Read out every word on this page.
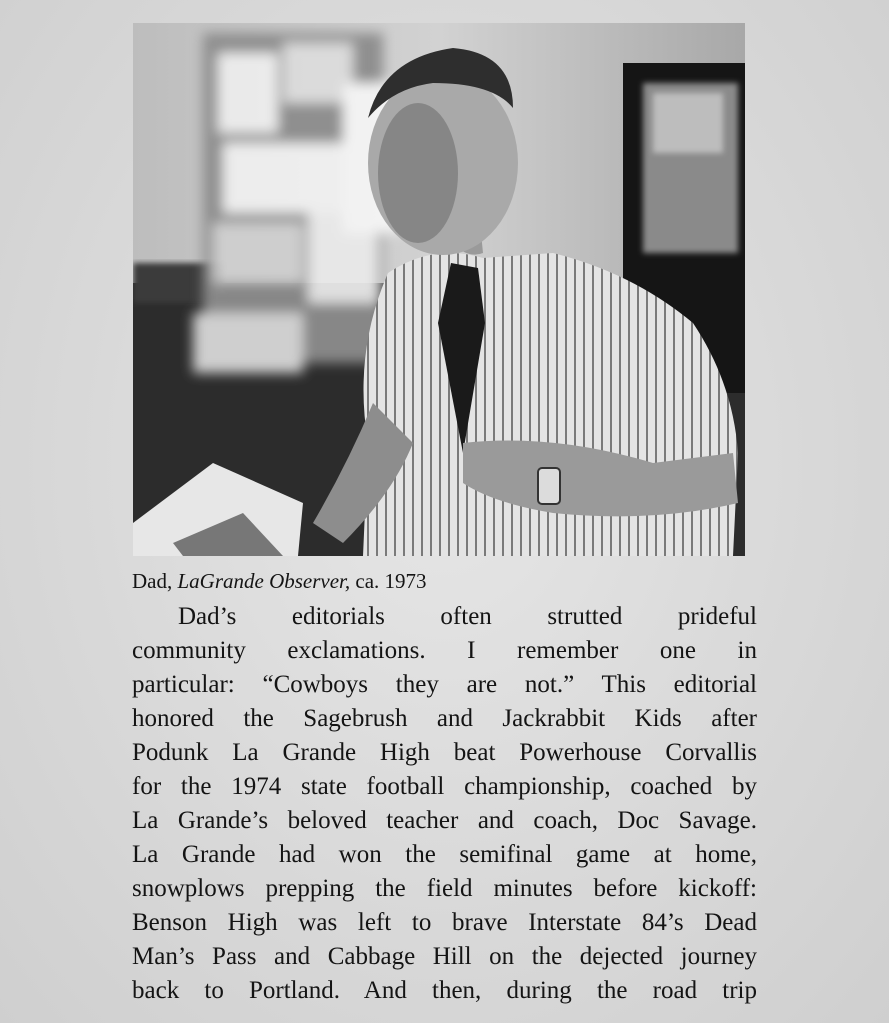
Dad, LaGrande Observer, ca. 1973
Dad’s editorials often strutted prideful
community exclamations. I remember one in
particular: “Cowboys they are not.” This editorial
honored the Sagebrush and Jackrabbit Kids after
Podunk La Grande High beat Powerhouse Corvallis
for the 1974 state football championship, coached by
La Grande’s beloved teacher and coach, Doc Savage.
La Grande had won the semifinal game at home,
snowplows prepping the field minutes before kickoff:
Benson High was left to brave Interstate 84’s Dead
Man’s Pass and Cabbage Hill on the dejected journey
back to Portland. And then, during the road trip
